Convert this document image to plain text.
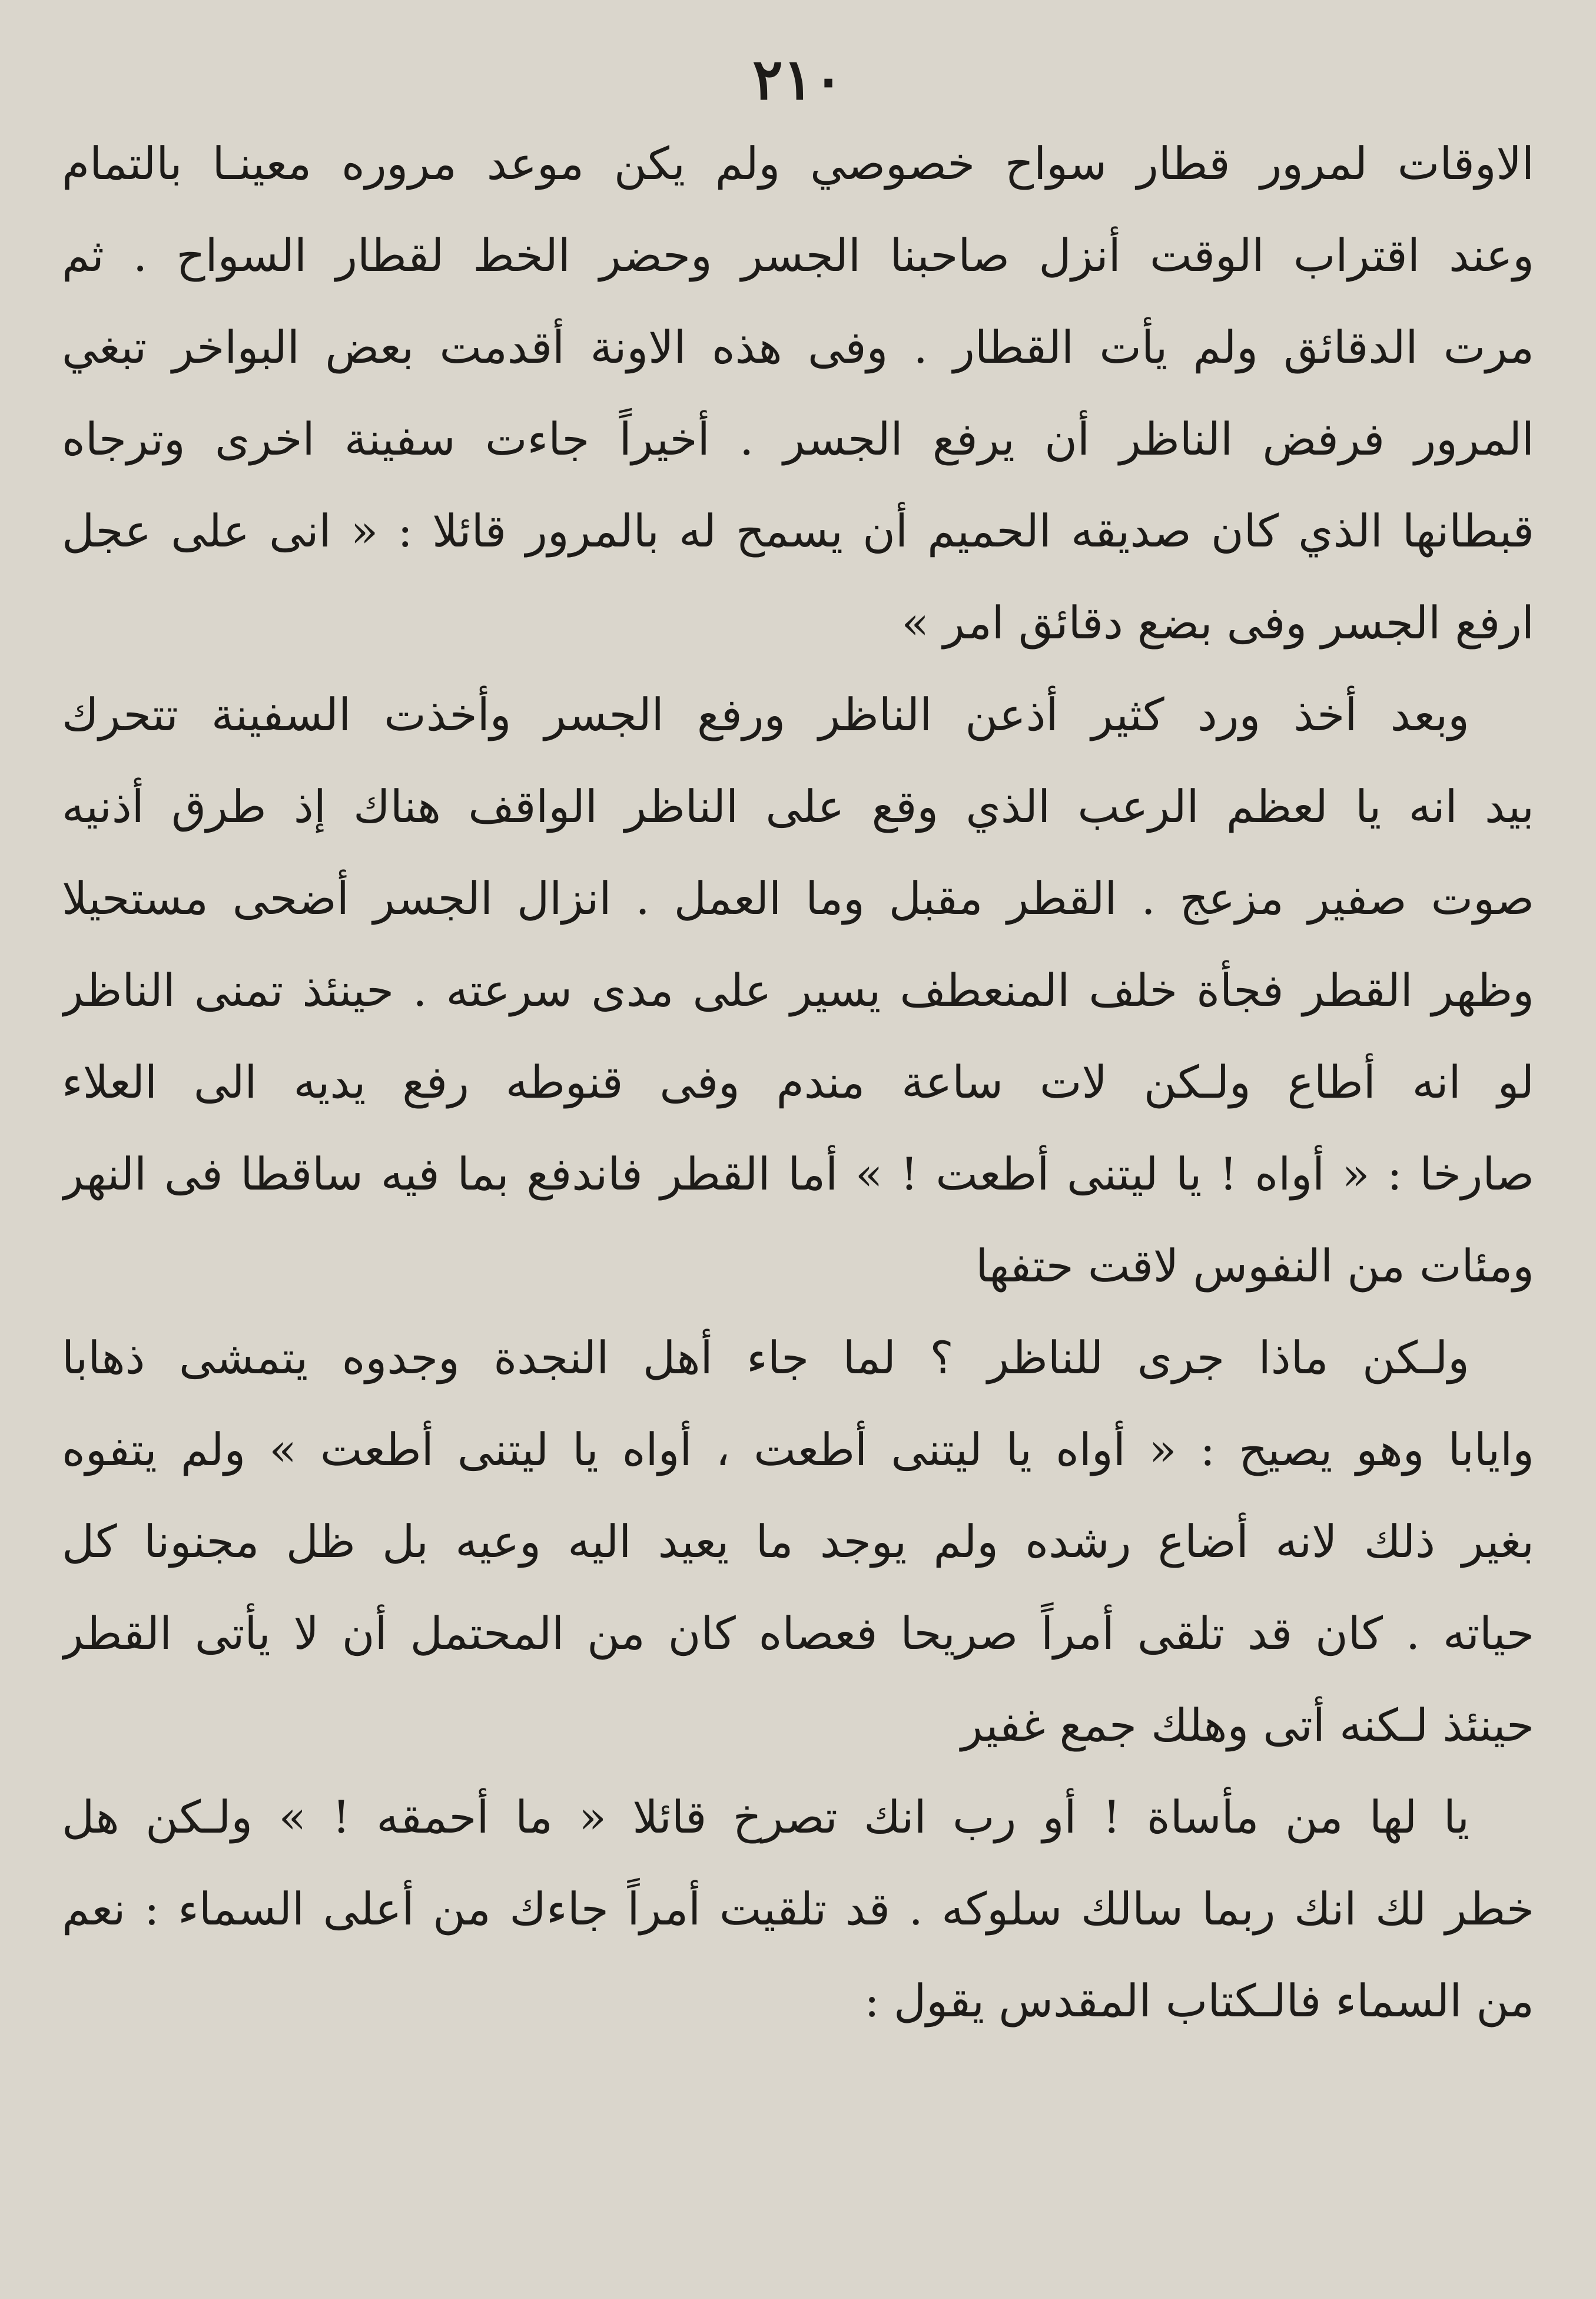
٢١٠
الاوقات لمرور قطار سواح خصوصي ولم يكن موعد مروره معينـا بالتمام
وعند اقتراب الوقت أنزل صاحبنا الجسر وحضر الخط لقطار السواح . ثم
مرت الدقائق ولم يأت القطار . وفى هذه الاونة أقدمت بعض البواخر تبغي
المرور فرفض الناظر أن يرفع الجسر . أخيراً جاءت سفينة اخرى وترجاه
قبطانها الذي كان صديقه الحميم أن يسمح له بالمرور قائلا : « انى على عجل
ارفع الجسر وفى بضع دقائق امر »
وبعد أخذ ورد كثير أذعن الناظر ورفع الجسر وأخذت السفينة تتحرك
بيد انه يا لعظم الرعب الذي وقع على الناظر الواقف هناك إذ طرق أذنيه
صوت صفير مزعج . القطر مقبل وما العمل . انزال الجسر أضحى مستحيلا
وظهر القطر فجأة خلف المنعطف يسير على مدى سرعته . حينئذ تمنى الناظر
لو انه أطاع ولـكن لات ساعة مندم وفى قنوطه رفع يديه الى العلاء
صارخا : « أواه ! يا ليتنى أطعت ! » أما القطر فاندفع بما فيه ساقطا فى النهر
ومئات من النفوس لاقت حتفها
ولـكن ماذا جرى للناظر ؟ لما جاء أهل النجدة وجدوه يتمشى ذهابا
وايابا وهو يصيح : « أواه يا ليتنى أطعت ، أواه يا ليتنى أطعت » ولم يتفوه
بغير ذلك لانه أضاع رشده ولم يوجد ما يعيد اليه وعيه بل ظل مجنونا كل
حياته . كان قد تلقى أمراً صريحا فعصاه كان من المحتمل أن لا يأتى القطر
حينئذ لـكنه أتى وهلك جمع غفير
يا لها من مأساة ! أو رب انك تصرخ قائلا « ما أحمقه ! » ولـكن هل
خطر لك انك ربما سالك سلوكه . قد تلقيت أمراً جاءك من أعلى السماء : نعم
من السماء فالـكتاب المقدس يقول :
